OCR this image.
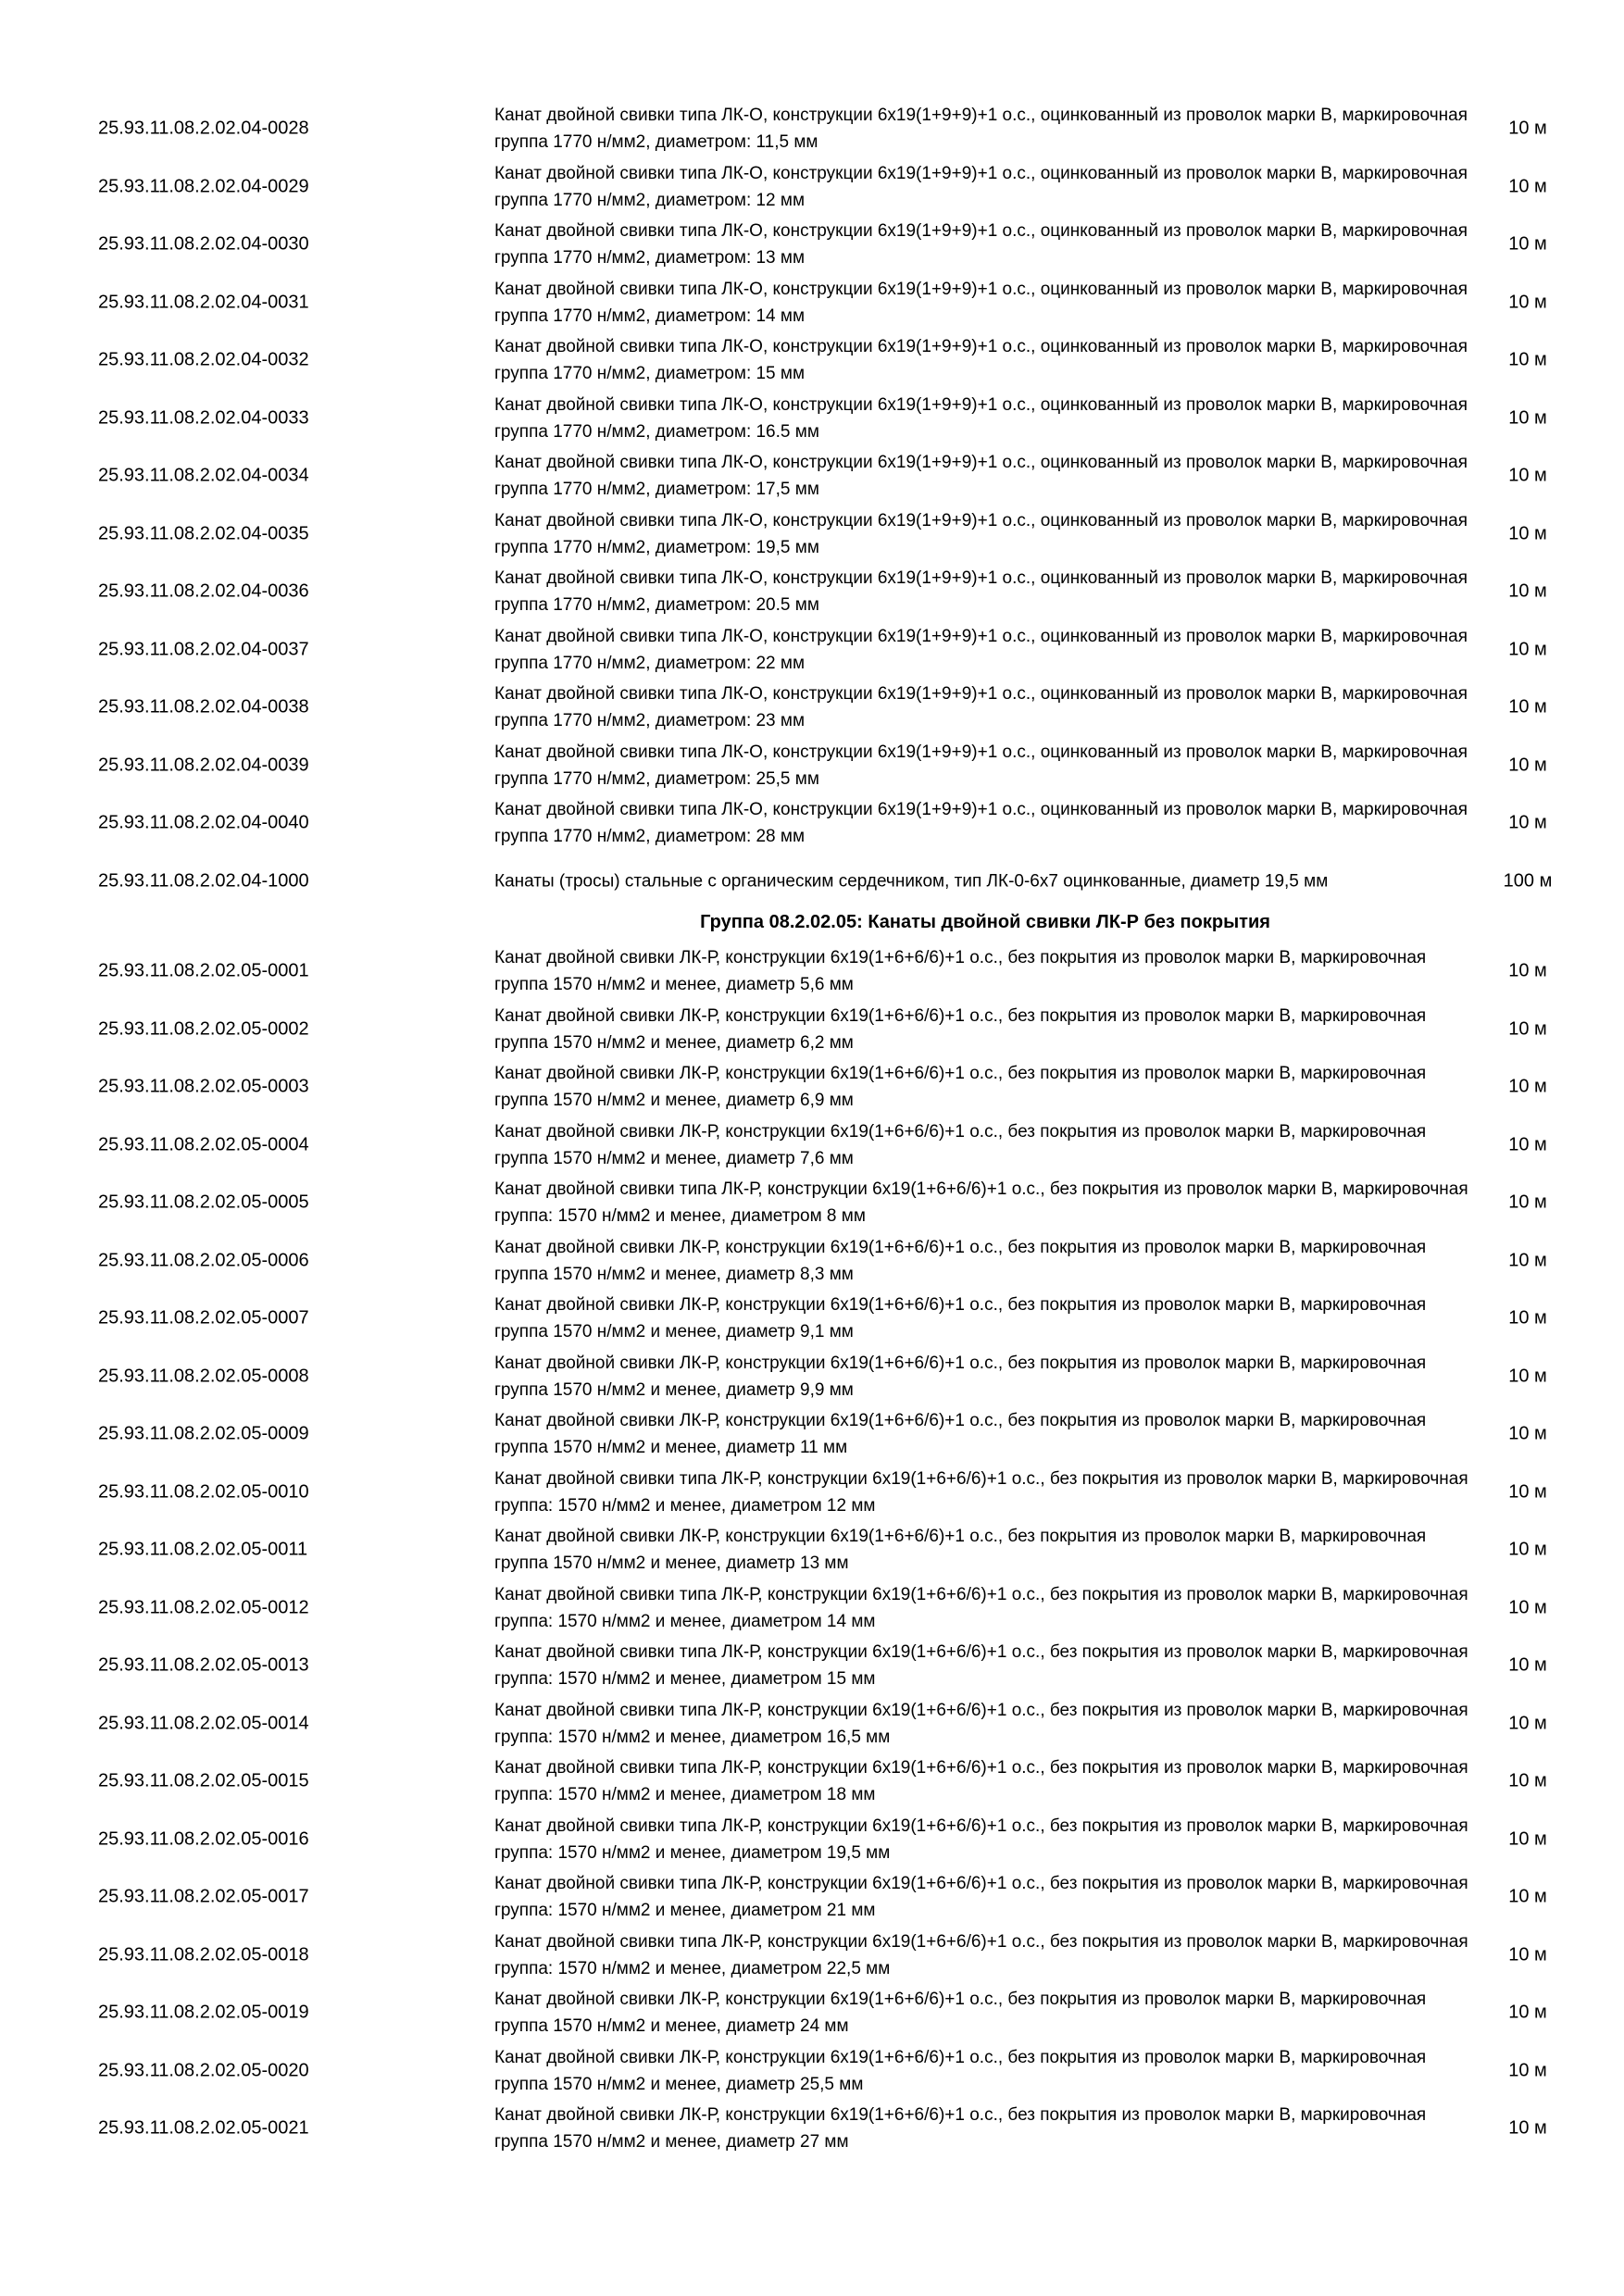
25.93.11.08.2.02.04-0028
Канат двойной свивки типа ЛК-О, конструкции 6х19(1+9+9)+1 о.с., оцинкованный из проволок марки В, маркировочная группа 1770 н/мм2, диаметром: 11,5 мм
10 м
25.93.11.08.2.02.04-0029
Канат двойной свивки типа ЛК-О, конструкции 6х19(1+9+9)+1 о.с., оцинкованный из проволок марки В, маркировочная группа 1770 н/мм2, диаметром: 12 мм
10 м
25.93.11.08.2.02.04-0030
Канат двойной свивки типа ЛК-О, конструкции 6х19(1+9+9)+1 о.с., оцинкованный из проволок марки В, маркировочная группа 1770 н/мм2, диаметром: 13 мм
10 м
25.93.11.08.2.02.04-0031
Канат двойной свивки типа ЛК-О, конструкции 6х19(1+9+9)+1 о.с., оцинкованный из проволок марки В, маркировочная группа 1770 н/мм2, диаметром: 14 мм
10 м
25.93.11.08.2.02.04-0032
Канат двойной свивки типа ЛК-О, конструкции 6х19(1+9+9)+1 о.с., оцинкованный из проволок марки В, маркировочная группа 1770 н/мм2, диаметром: 15 мм
10 м
25.93.11.08.2.02.04-0033
Канат двойной свивки типа ЛК-О, конструкции 6х19(1+9+9)+1 о.с., оцинкованный из проволок марки В, маркировочная группа 1770 н/мм2, диаметром: 16.5 мм
10 м
25.93.11.08.2.02.04-0034
Канат двойной свивки типа ЛК-О, конструкции 6х19(1+9+9)+1 о.с., оцинкованный из проволок марки В, маркировочная группа 1770 н/мм2, диаметром: 17,5 мм
10 м
25.93.11.08.2.02.04-0035
Канат двойной свивки типа ЛК-О, конструкции 6х19(1+9+9)+1 о.с., оцинкованный из проволок марки В, маркировочная группа 1770 н/мм2, диаметром: 19,5 мм
10 м
25.93.11.08.2.02.04-0036
Канат двойной свивки типа ЛК-О, конструкции 6х19(1+9+9)+1 о.с., оцинкованный из проволок марки В, маркировочная группа 1770 н/мм2, диаметром: 20.5 мм
10 м
25.93.11.08.2.02.04-0037
Канат двойной свивки типа ЛК-О, конструкции 6х19(1+9+9)+1 о.с., оцинкованный из проволок марки В, маркировочная группа 1770 н/мм2, диаметром: 22 мм
10 м
25.93.11.08.2.02.04-0038
Канат двойной свивки типа ЛК-О, конструкции 6х19(1+9+9)+1 о.с., оцинкованный из проволок марки В, маркировочная группа 1770 н/мм2, диаметром: 23 мм
10 м
25.93.11.08.2.02.04-0039
Канат двойной свивки типа ЛК-О, конструкции 6х19(1+9+9)+1 о.с., оцинкованный из проволок марки В, маркировочная группа 1770 н/мм2, диаметром: 25,5 мм
10 м
25.93.11.08.2.02.04-0040
Канат двойной свивки типа ЛК-О, конструкции 6х19(1+9+9)+1 о.с., оцинкованный из проволок марки В, маркировочная группа 1770 н/мм2, диаметром: 28 мм
10 м
25.93.11.08.2.02.04-1000	Канаты (тросы) стальные с органическим сердечником, тип ЛК-0-6х7 оцинкованные, диаметр 19,5 мм	100 м
Группа 08.2.02.05: Канаты двойной свивки ЛК-Р без покрытия
25.93.11.08.2.02.05-0001
Канат двойной свивки ЛК-Р, конструкции 6х19(1+6+6/6)+1 о.с., без покрытия из проволок марки В, маркировочная группа 1570 н/мм2 и менее, диаметр 5,6 мм
10 м
25.93.11.08.2.02.05-0002
Канат двойной свивки ЛК-Р, конструкции 6х19(1+6+6/6)+1 о.с., без покрытия из проволок марки В, маркировочная группа 1570 н/мм2 и менее, диаметр 6,2 мм
10 м
25.93.11.08.2.02.05-0003
Канат двойной свивки ЛК-Р, конструкции 6х19(1+6+6/6)+1 о.с., без покрытия из проволок марки В, маркировочная группа 1570 н/мм2 и менее, диаметр 6,9 мм
10 м
25.93.11.08.2.02.05-0004
Канат двойной свивки ЛК-Р, конструкции 6х19(1+6+6/6)+1 о.с., без покрытия из проволок марки В, маркировочная группа 1570 н/мм2 и менее, диаметр 7,6 мм
10 м
25.93.11.08.2.02.05-0005
Канат двойной свивки типа ЛК-Р, конструкции 6х19(1+6+6/6)+1 о.с., без покрытия из проволок марки В, маркировочная группа: 1570 н/мм2 и менее, диаметром 8 мм
10 м
25.93.11.08.2.02.05-0006
Канат двойной свивки ЛК-Р, конструкции 6х19(1+6+6/6)+1 о.с., без покрытия из проволок марки В, маркировочная группа 1570 н/мм2 и менее, диаметр 8,3 мм
10 м
25.93.11.08.2.02.05-0007
Канат двойной свивки ЛК-Р, конструкции 6х19(1+6+6/6)+1 о.с., без покрытия из проволок марки В, маркировочная группа 1570 н/мм2 и менее, диаметр 9,1 мм
10 м
25.93.11.08.2.02.05-0008
Канат двойной свивки ЛК-Р, конструкции 6х19(1+6+6/6)+1 о.с., без покрытия из проволок марки В, маркировочная группа 1570 н/мм2 и менее, диаметр 9,9 мм
10 м
25.93.11.08.2.02.05-0009
Канат двойной свивки ЛК-Р, конструкции 6х19(1+6+6/6)+1 о.с., без покрытия из проволок марки В, маркировочная группа 1570 н/мм2 и менее, диаметр 11 мм
10 м
25.93.11.08.2.02.05-0010
Канат двойной свивки типа ЛК-Р, конструкции 6х19(1+6+6/6)+1 о.с., без покрытия из проволок марки В, маркировочная группа: 1570 н/мм2 и менее, диаметром 12 мм
10 м
25.93.11.08.2.02.05-0011
Канат двойной свивки ЛК-Р, конструкции 6х19(1+6+6/6)+1 о.с., без покрытия из проволок марки В, маркировочная группа 1570 н/мм2 и менее, диаметр 13 мм
10 м
25.93.11.08.2.02.05-0012
Канат двойной свивки типа ЛК-Р, конструкции 6х19(1+6+6/6)+1 о.с., без покрытия из проволок марки В, маркировочная группа: 1570 н/мм2 и менее, диаметром 14 мм
10 м
25.93.11.08.2.02.05-0013
Канат двойной свивки типа ЛК-Р, конструкции 6х19(1+6+6/6)+1 о.с., без покрытия из проволок марки В, маркировочная группа: 1570 н/мм2 и менее, диаметром 15 мм
10 м
25.93.11.08.2.02.05-0014
Канат двойной свивки типа ЛК-Р, конструкции 6х19(1+6+6/6)+1 о.с., без покрытия из проволок марки В, маркировочная группа: 1570 н/мм2 и менее, диаметром 16,5 мм
10 м
25.93.11.08.2.02.05-0015
Канат двойной свивки типа ЛК-Р, конструкции 6х19(1+6+6/6)+1 о.с., без покрытия из проволок марки В, маркировочная группа: 1570 н/мм2 и менее, диаметром 18 мм
10 м
25.93.11.08.2.02.05-0016
Канат двойной свивки типа ЛК-Р, конструкции 6х19(1+6+6/6)+1 о.с., без покрытия из проволок марки В, маркировочная группа: 1570 н/мм2 и менее, диаметром 19,5 мм
10 м
25.93.11.08.2.02.05-0017
Канат двойной свивки типа ЛК-Р, конструкции 6х19(1+6+6/6)+1 о.с., без покрытия из проволок марки В, маркировочная группа: 1570 н/мм2 и менее, диаметром 21 мм
10 м
25.93.11.08.2.02.05-0018
Канат двойной свивки типа ЛК-Р, конструкции 6х19(1+6+6/6)+1 о.с., без покрытия из проволок марки В, маркировочная группа: 1570 н/мм2 и менее, диаметром 22,5 мм
10 м
25.93.11.08.2.02.05-0019
Канат двойной свивки ЛК-Р, конструкции 6х19(1+6+6/6)+1 о.с., без покрытия из проволок марки В, маркировочная группа 1570 н/мм2 и менее, диаметр 24 мм
10 м
25.93.11.08.2.02.05-0020
Канат двойной свивки ЛК-Р, конструкции 6х19(1+6+6/6)+1 о.с., без покрытия из проволок марки В, маркировочная группа 1570 н/мм2 и менее, диаметр 25,5 мм
10 м
25.93.11.08.2.02.05-0021
Канат двойной свивки ЛК-Р, конструкции 6х19(1+6+6/6)+1 о.с., без покрытия из проволок марки В, маркировочная группа 1570 н/мм2 и менее, диаметр 27 мм
10 м
